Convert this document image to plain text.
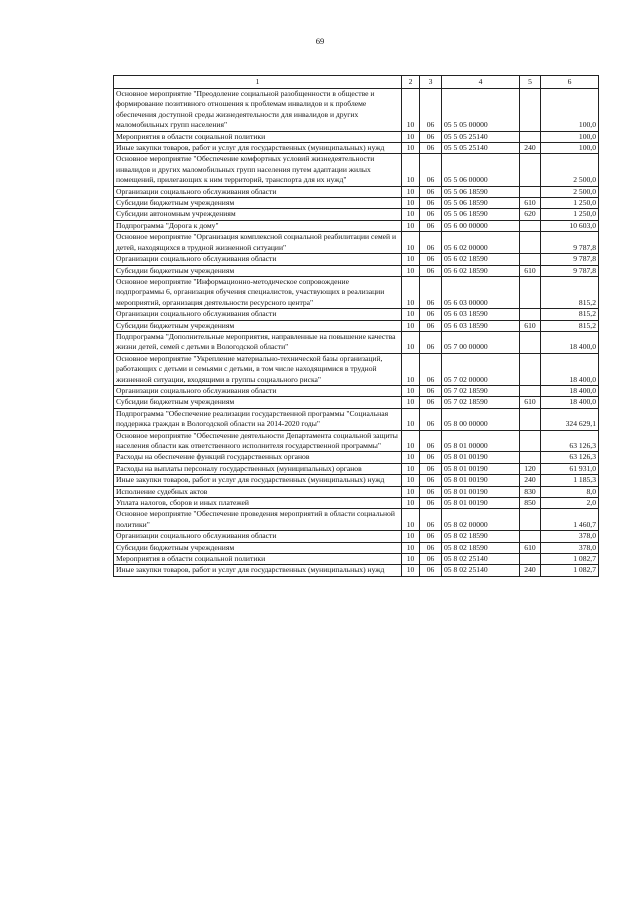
69
1	2	3	4	5	6
Основное мероприятие "Преодоление социальной разобщенности в обществе и формирование позитивного отношения к проблемам инвалидов и к проблеме обеспечения доступной среды жизнедеятельности для инвалидов и других маломобильных групп населения"	10	06	05 5 05 00000		100,0
Мероприятия в области социальной политики	10	06	05 5 05 25140		100,0
Иные закупки товаров, работ и услуг для государственных (муниципальных) нужд	10	06	05 5 05 25140	240	100,0
Основное мероприятие "Обеспечение комфортных условий жизнедеятельности инвалидов и других маломобильных групп населения путем адаптации жилых помещений, прилегающих к ним территорий, транспорта для их нужд"	10	06	05 5 06 00000		2 500,0
Организации социального обслуживания области	10	06	05 5 06 18590		2 500,0
Субсидии бюджетным учреждениям	10	06	05 5 06 18590	610	1 250,0
Субсидии автономным учреждениям	10	06	05 5 06 18590	620	1 250,0
Подпрограмма "Дорога к дому"	10	06	05 6 00 00000		10 603,0
Основное мероприятие "Организация комплексной социальной реабилитации семей и детей, находящихся в трудной жизненной ситуации"	10	06	05 6 02 00000		9 787,8
Организации социального обслуживания области	10	06	05 6 02 18590		9 787,8
Субсидии бюджетным учреждениям	10	06	05 6 02 18590	610	9 787,8
Основное мероприятие "Информационно-методическое сопровождение подпрограммы 6, организация обучения специалистов, участвующих в реализации мероприятий, организация деятельности ресурсного центра"	10	06	05 6 03 00000		815,2
Организации социального обслуживания области	10	06	05 6 03 18590		815,2
Субсидии бюджетным учреждениям	10	06	05 6 03 18590	610	815,2
Подпрограмма "Дополнительные мероприятия, направленные на повышение качества жизни детей, семей с детьми в Вологодской области"	10	06	05 7 00 00000		18 400,0
Основное мероприятие "Укрепление материально-технической базы организаций, работающих с детьми и семьями с детьми, в том числе находящимися в трудной жизненной ситуации, входящими в группы социального риска"	10	06	05 7 02 00000		18 400,0
Организации социального обслуживания области	10	06	05 7 02 18590		18 400,0
Субсидии бюджетным учреждениям	10	06	05 7 02 18590	610	18 400,0
Подпрограмма "Обеспечение реализации государственной программы "Социальная поддержка граждан в Вологодской области на 2014-2020 годы"	10	06	05 8 00 00000		324 629,1
Основное мероприятие "Обеспечение деятельности Департамента социальной защиты населения области как ответственного исполнителя государственной программы"	10	06	05 8 01 00000		63 126,3
Расходы на обеспечение функций государственных органов	10	06	05 8 01 00190		63 126,3
Расходы на выплаты персоналу государственных (муниципальных) органов	10	06	05 8 01 00190	120	61 931,0
Иные закупки товаров, работ и услуг для государственных (муниципальных) нужд	10	06	05 8 01 00190	240	1 185,3
Исполнение судебных актов	10	06	05 8 01 00190	830	8,0
Уплата налогов, сборов и иных платежей	10	06	05 8 01 00190	850	2,0
Основное мероприятие "Обеспечение проведения мероприятий в области социальной политики"	10	06	05 8 02 00000		1 460,7
Организации социального обслуживания области	10	06	05 8 02 18590		378,0
Субсидии бюджетным учреждениям	10	06	05 8 02 18590	610	378,0
Мероприятия в области социальной политики	10	06	05 8 02 25140		1 082,7
Иные закупки товаров, работ и услуг для государственных (муниципальных) нужд	10	06	05 8 02 25140	240	1 082,7
